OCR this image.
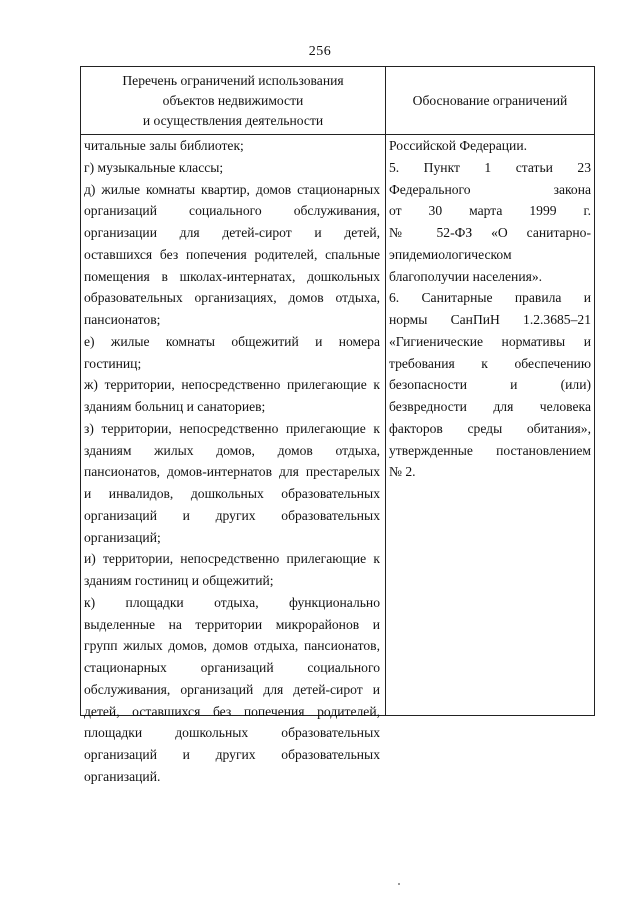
256
Перечень ограничений использования
объектов недвижимости
и осуществления деятельности
Обоснование ограничений
читальные залы библиотек;
г) музыкальные классы;
д) жилые комнаты квартир, домов стационарных
организаций социального обслуживания,
организации для детей-сирот и детей,
оставшихся без попечения родителей, спальные
помещения в школах-интернатах, дошкольных
образовательных организациях, домов отдыха,
пансионатов;
е) жилые комнаты общежитий и номера
гостиниц;
ж) территории, непосредственно прилегающие к
зданиям больниц и санаториев;
з) территории, непосредственно прилегающие к
зданиям жилых домов, домов отдыха,
пансионатов, домов-интернатов для престарелых
и инвалидов, дошкольных образовательных
организаций и других образовательных
организаций;
и) территории, непосредственно прилегающие к
зданиям гостиниц и общежитий;
к) площадки отдыха, функционально
выделенные на территории микрорайонов и
групп жилых домов, домов отдыха, пансионатов,
стационарных организаций социального
обслуживания, организаций для детей-сирот и
детей, оставшихся без попечения родителей,
площадки дошкольных образовательных
организаций и других образовательных
организаций.
Российской Федерации.
5. Пункт 1 статьи 23
Федерального закона
от 30 марта 1999 г.
№ 52-ФЗ «О санитарно-
эпидемиологическом
благополучии населения».
6. Санитарные правила и
нормы СанПиН 1.2.3685–21
«Гигиенические нормативы и
требования к обеспечению
безопасности и (или)
безвредности для человека
факторов среды обитания»,
утвержденные постановлением
№ 2.
